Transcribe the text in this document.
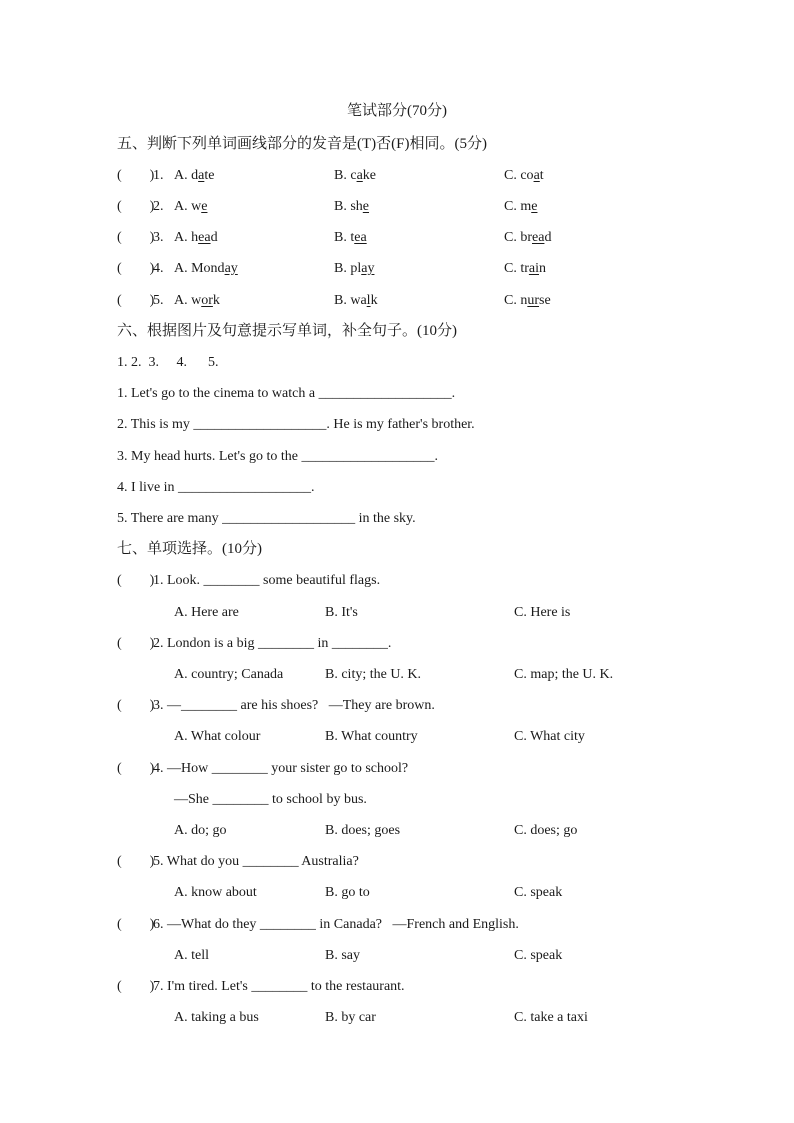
笔试部分(70分)
五、判断下列单词画线部分的发音是(T)否(F)相同。(5分)
(  )
1. A. date	B. cake	C. coat
(  )
2. A. we	B. she	C. me
(  )
3. A. head	B. tea	C. bread
(  )
4. A. Monday	B. play	C. train
(  )
5. A. work	B. walk	C. nurse
六、根据图片及句意提示写单词，补全句子。(10分)
1. 2.  3.     4.      5.
1. Let's go to the cinema to watch a ___________________.
2. This is my ___________________. He is my father's brother.
3. My head hurts. Let's go to the ___________________.
4. I live in ___________________.
5. There are many ___________________ in the sky.
七、单项选择。(10分)
(  )
1. Look. ________ some beautiful flags.
A. Here are	B. It's	C. Here is
(  )
2. London is a big ________ in ________.
A. country; Canada	B. city; the U. K.	C. map; the U. K.
(  )
3. —________ are his shoes?   —They are brown.
A. What colour	B. What country	C. What city
(  )
4. —How ________ your sister go to school?
—She ________ to school by bus.
A. do; go	B. does; goes	C. does; go
(  )
5. What do you ________ Australia?
A. know about	B. go to	C. speak
(  )
6. —What do they ________ in Canada?   —French and English.
A. tell	B. say	C. speak
(  )
7. I'm tired. Let's ________ to the restaurant.
A. taking a bus	B. by car	C. take a taxi
